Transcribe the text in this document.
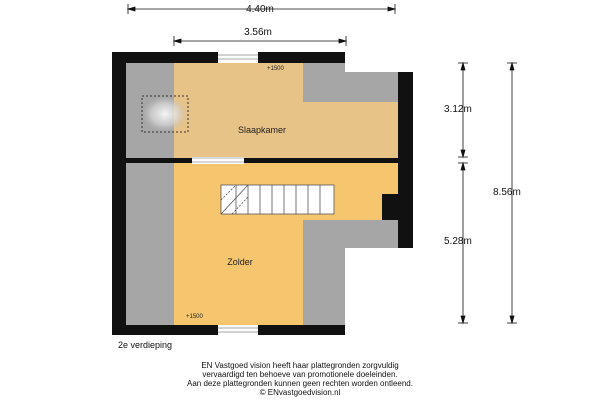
Slaapkamer
Zolder
+1500
+1500
4.40m
3.56m
3.12m
5.28m
8.56m
2e verdieping
EN Vastgoed vision heeft haar plattegronden zorgvuldig
vervaardigd ten behoeve van promotionele doeleinden.
Aan deze plattegronden kunnen geen rechten worden ontleend.
© ENvastgoedvision.nl
